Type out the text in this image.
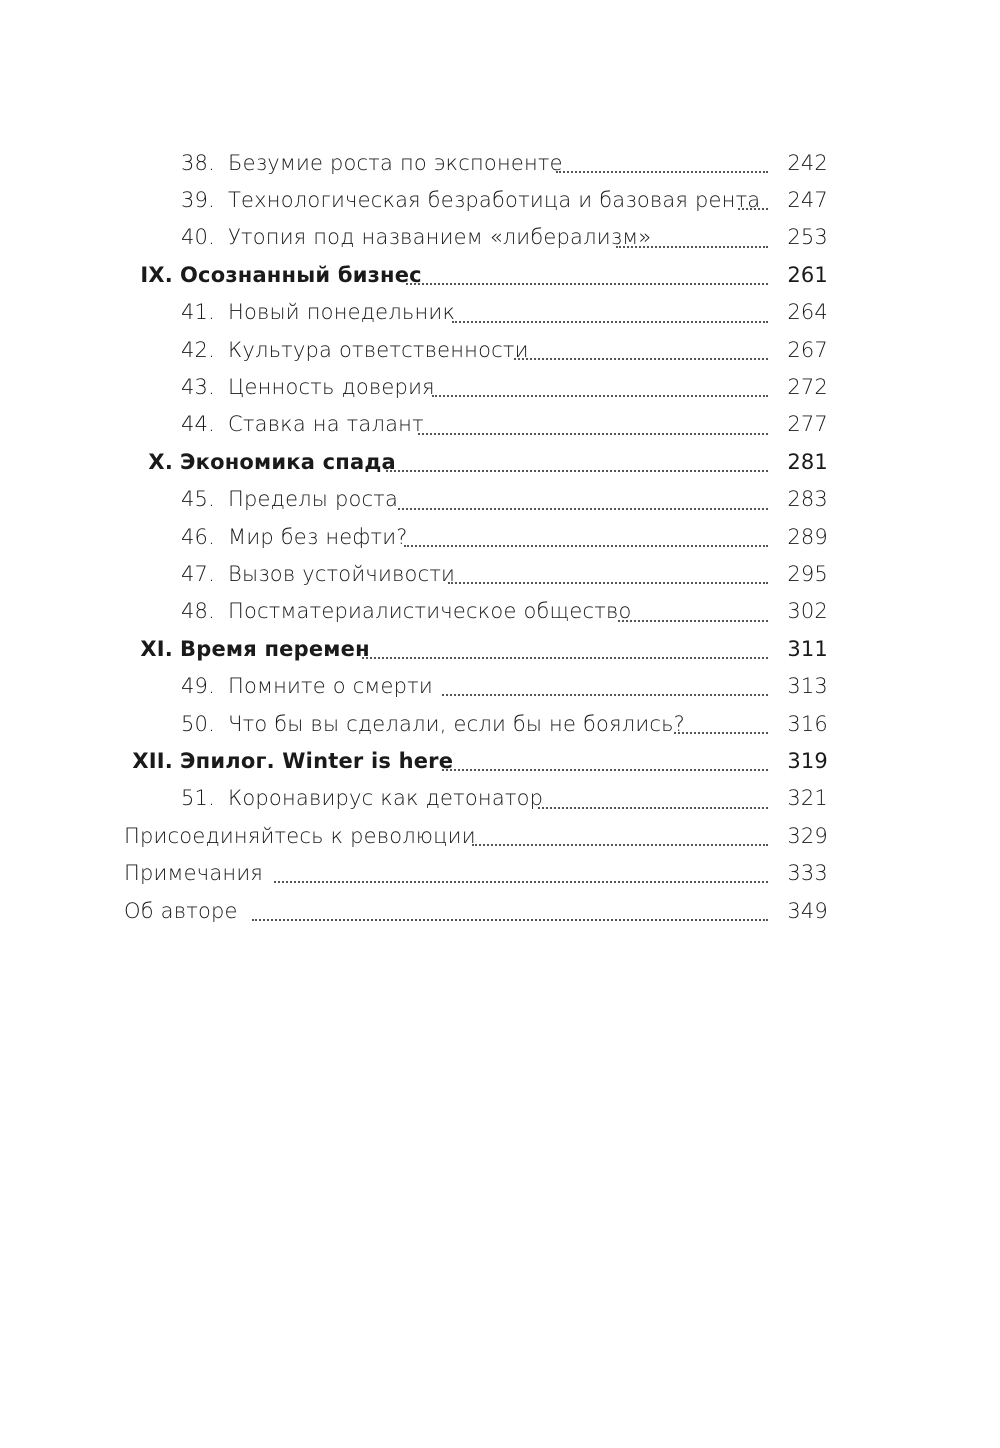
38. Безумие роста по экспоненте	242
39. Технологическая безработица и базовая рента 247
40. Утопия под названием «либерализм»	253
IX. Осознанный бизнес	261
41. Новый понедельник	264
42. Культура ответственности	267
43. Ценность доверия	272
44. Ставка на талант	277
X. Экономика спада	281
45. Пределы роста	283
46. Мир без нефти?	289
47. Вызов устойчивости	295
48. Постматериалистическое общество	302
XI. Время перемен	311
49. Помните о смерти	313
50. Что бы вы сделали, если бы не боялись?	316
XII. Эпилог. Winter is here	319
51. Коронавирус как детонатор	321
Присоединяйтесь к революции	329
Примечания	333
Об авторе	349
